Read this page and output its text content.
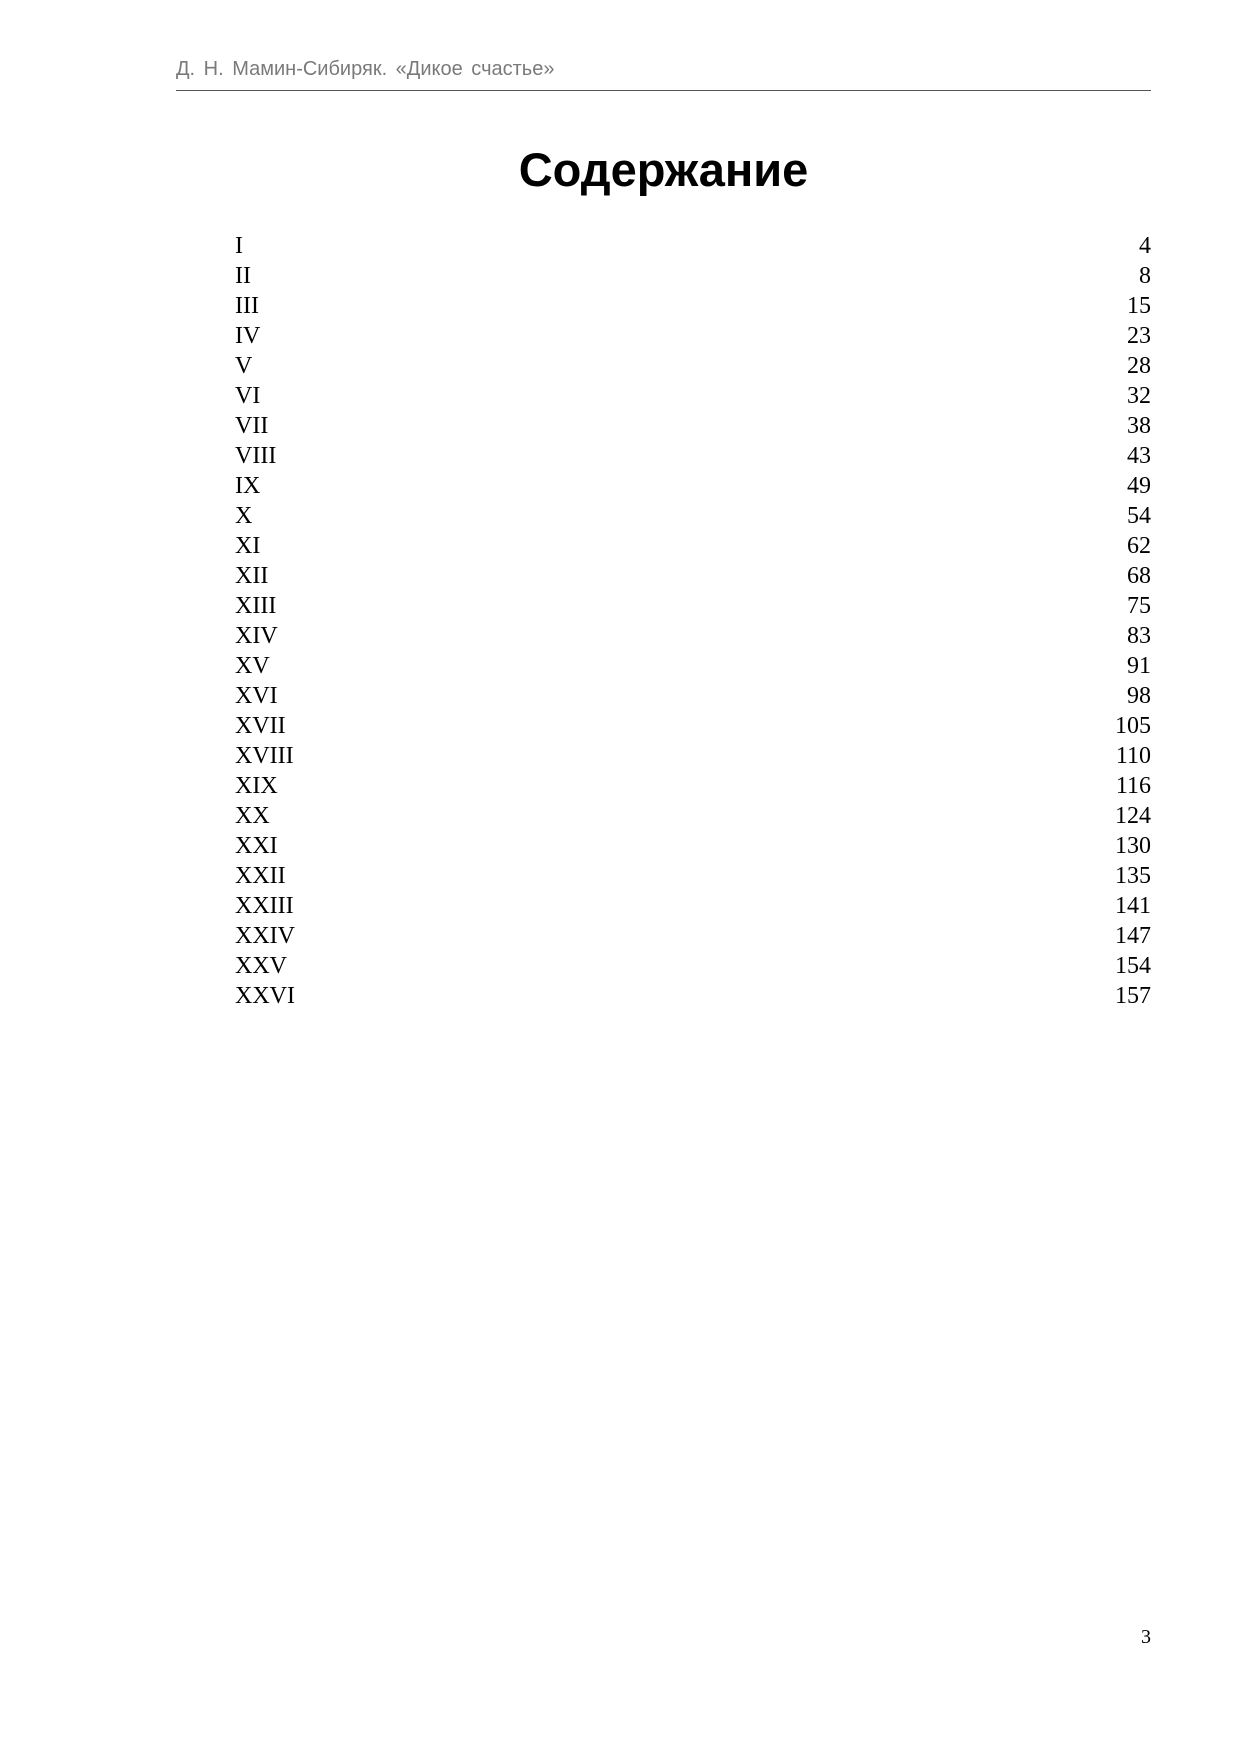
Д. Н. Мамин-Сибиряк. «Дикое счастье»
Содержание
I	4
II	8
III	15
IV	23
V	28
VI	32
VII	38
VIII	43
IX	49
X	54
XI	62
XII	68
XIII	75
XIV	83
XV	91
XVI	98
XVII	105
XVIII	110
XIX	116
XX	124
XXI	130
XXII	135
XXIII	141
XXIV	147
XXV	154
XXVI	157
3
